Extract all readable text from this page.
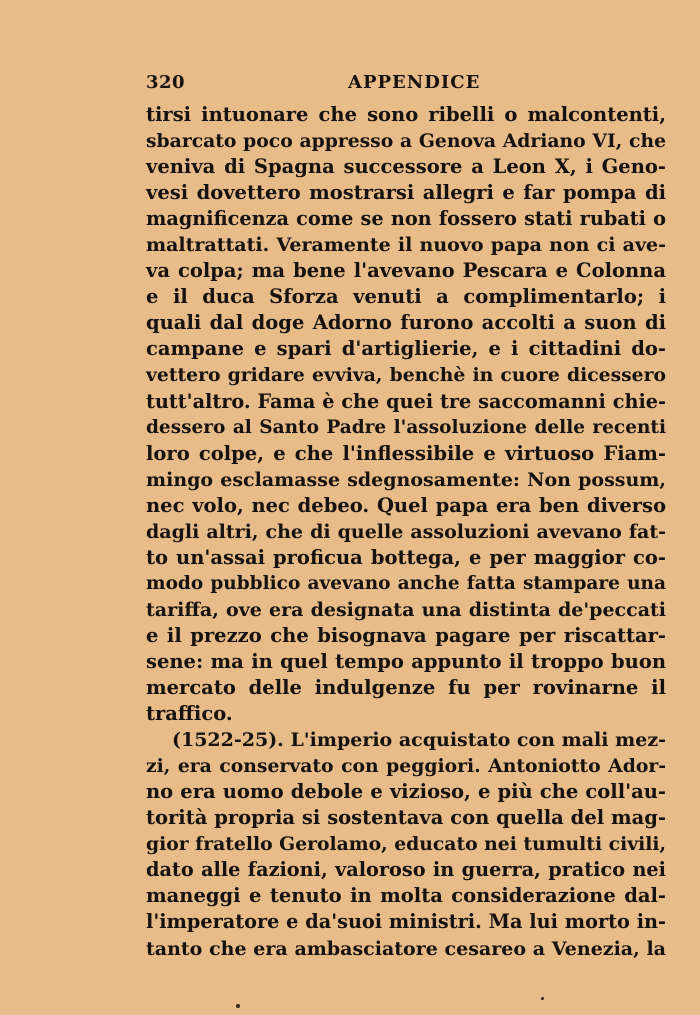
320	APPENDICE
tirsi intuonare che sono ribelli o malcontenti,
sbarcato poco appresso a Genova Adriano VI, che
veniva di Spagna successore a Leon X, i Geno-
vesi dovettero mostrarsi allegri e far pompa di
magnificenza come se non fossero stati rubati o
maltrattati. Veramente il nuovo papa non ci ave-
va colpa; ma bene l'avevano Pescara e Colonna
e il duca Sforza venuti a complimentarlo; i
quali dal doge Adorno furono accolti a suon di
campane e spari d'artiglierie, e i cittadini do-
vettero gridare evviva, benchè in cuore dicessero
tutt'altro. Fama è che quei tre saccomanni chie-
dessero al Santo Padre l'assoluzione delle recenti
loro colpe, e che l'inflessibile e virtuoso Fiam-
mingo esclamasse sdegnosamente: Non possum,
nec volo, nec debeo. Quel papa era ben diverso
dagli altri, che di quelle assoluzioni avevano fat-
to un'assai proficua bottega, e per maggior co-
modo pubblico avevano anche fatta stampare una
tariffa, ove era designata una distinta de'peccati
e il prezzo che bisognava pagare per riscattar-
sene: ma in quel tempo appunto il troppo buon
mercato delle indulgenze fu per rovinarne il
traffico.
(1522-25). L'imperio acquistato con mali mez-
zi, era conservato con peggiori. Antoniotto Ador-
no era uomo debole e vizioso, e più che coll'au-
torità propria si sostentava con quella del mag-
gior fratello Gerolamo, educato nei tumulti civili,
dato alle fazioni, valoroso in guerra, pratico nei
maneggi e tenuto in molta considerazione dal-
l'imperatore e da'suoi ministri. Ma lui morto in-
tanto che era ambasciatore cesareo a Venezia, la
